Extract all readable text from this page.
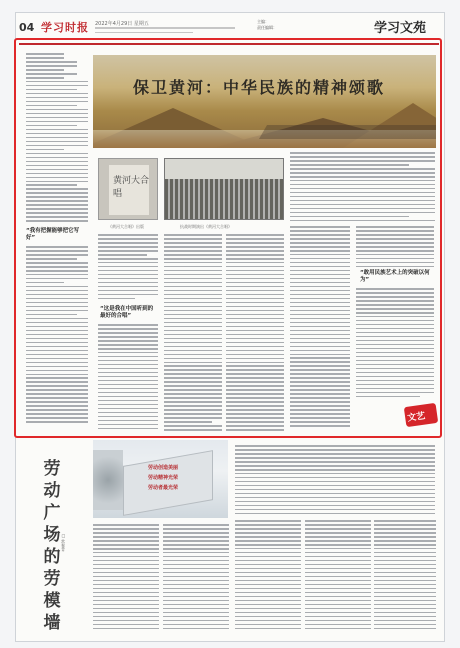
04 学习时报 2022年4月29日 星期五	主编：
责任编辑：	学习文苑
“我有把握能够把它写好”
保卫黄河：中华民族的精神颂歌
黄河大合唱
《黄河大合唱》出版	抗战时期演出《黄河大合唱》
“这是我在中国听到的最好的合唱”
“敢用民族艺术上的突破以何为”
文艺
劳动广场的劳模墙
□ 常春青
劳动创造美丽
劳动精神光荣
劳动者最光荣
